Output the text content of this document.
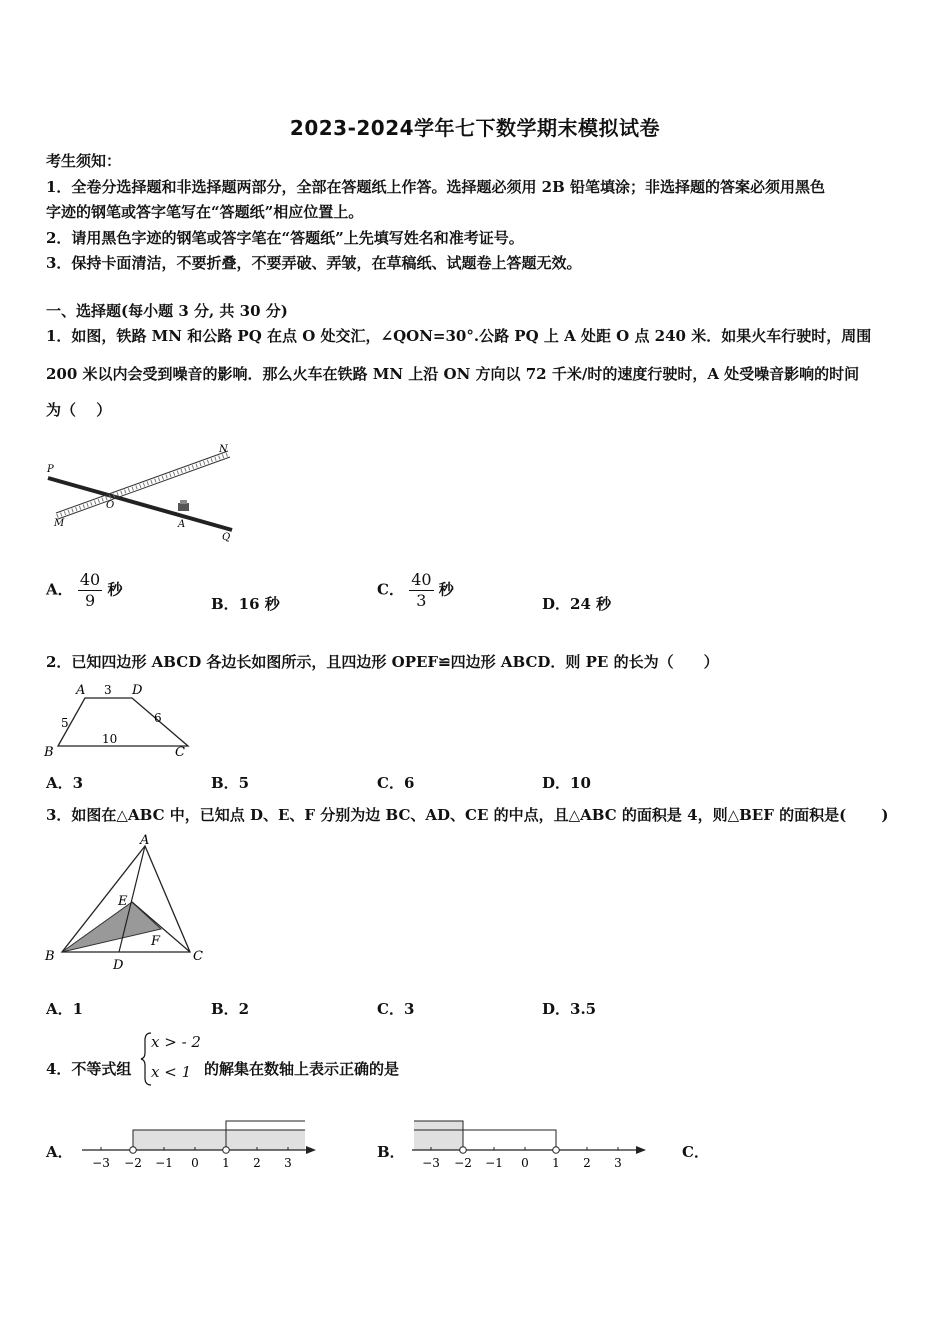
2023-2024学年七下数学期末模拟试卷
考生须知：
1．全卷分选择题和非选择题两部分，全部在答题纸上作答。选择题必须用 2B 铅笔填涂；非选择题的答案必须用黑色
字迹的钢笔或答字笔写在“答题纸”相应位置上。
2．请用黑色字迹的钢笔或答字笔在“答题纸”上先填写姓名和准考证号。
3．保持卡面清洁，不要折叠，不要弄破、弄皱，在草稿纸、试题卷上答题无效。
一、选择题(每小题 3 分, 共 30 分)
1．如图，铁路 MN 和公路 PQ 在点 O 处交汇，∠QON=30°.公路 PQ 上 A 处距 O 点 240 米．如果火车行驶时，周围
200 米以内会受到噪音的影响．那么火车在铁路 MN 上沿 ON 方向以 72 千米/时的速度行驶时，A 处受噪音影响的时间
为（　 ）
P
N
O
M	A
Q
A． $\frac{40}{9}$ 秒
B．16 秒
C． $\frac{40}{3}$ 秒
D．24 秒
2．已知四边形 ABCD 各边长如图所示，且四边形 OPEF≌四边形 ABCD．则 PE 的长为（　　）
A 3 D
5	6
10
B	C
A．3	B．5	C．6	D．10
3．如图在△ABC 中，已知点 D、E、F 分别为边 BC、AD、CE 的中点，且△ABC 的面积是 4，则△BEF 的面积是(　　 )
A
B	C
D
E
F
A．1	B．2	C．3	D．3.5
4．不等式组
x > - 2
x < 1 的解集在数轴上表示正确的是
A．
−3 −2 −1 0 1 2 3
B．
−3 −2 −1 0 1 2 3
C．
